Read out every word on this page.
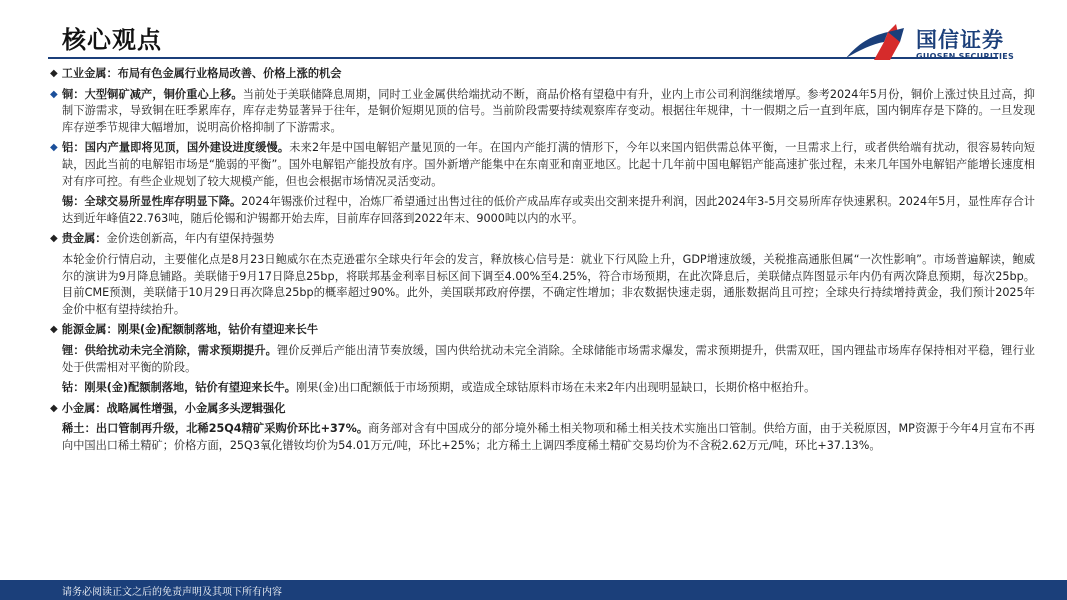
核心观点	国信证券
GUOSEN SECURITIES
◆ 工业金属：布局有色金属行业格局改善、价格上涨的机会
◆ 铜：大型铜矿减产，铜价重心上移。当前处于美联储降息周期，同时工业金属供给端扰动不断，商品价格有望稳中有升，业内上市公司利润继续增厚。参考2024年5月份，铜价上涨过快且过高，抑制下游需求，导致铜在旺季累库存，库存走势显著异于往年，是铜价短期见顶的信号。当前阶段需要持续观察库存变动。根据往年规律，十一假期之后一直到年底，国内铜库存是下降的。一旦发现库存逆季节规律大幅增加，说明高价格抑制了下游需求。
◆ 铝：国内产量即将见顶，国外建设进度缓慢。未来2年是中国电解铝产量见顶的一年。在国内产能打满的情形下，今年以来国内铝供需总体平衡，一旦需求上行，或者供给端有扰动，很容易转向短缺，因此当前的电解铝市场是“脆弱的平衡”。国外电解铝产能投放有序。国外新增产能集中在东南亚和南亚地区。比起十几年前中国电解铝产能高速扩张过程，未来几年国外电解铝产能增长速度相对有序可控。有些企业规划了较大规模产能，但也会根据市场情况灵活变动。
锡：全球交易所显性库存明显下降。2024年锡涨价过程中，冶炼厂希望通过出售过往的低价产成品库存或卖出交割来提升利润，因此2024年3-5月交易所库存快速累积。2024年5月，显性库存合计达到近年峰值22.763吨，随后伦锡和沪锡都开始去库，目前库存回落到2022年末、9000吨以内的水平。
◆ 贵金属： 金价迭创新高，年内有望保持强势
本轮金价行情启动，主要催化点是8月23日鲍威尔在杰克逊霍尔全球央行年会的发言，释放核心信号是：就业下行风险上升，GDP增速放缓，关税推高通胀但属“一次性影响”。市场普遍解读，鲍威尔的演讲为9月降息铺路。美联储于9月17日降息25bp，将联邦基金利率目标区间下调至4.00%至4.25%，符合市场预期，在此次降息后，美联储点阵图显示年内仍有两次降息预期，每次25bp。目前CME预测，美联储于10月29日再次降息25bp的概率超过90%。此外，美国联邦政府停摆，不确定性增加；非农数据快速走弱，通胀数据尚且可控；全球央行持续增持黄金，我们预计2025年金价中枢有望持续抬升。
◆ 能源金属：刚果(金)配额制落地，钴价有望迎来长牛
锂：供给扰动未完全消除，需求预期提升。锂价反弹后产能出清节奏放缓，国内供给扰动未完全消除。全球储能市场需求爆发，需求预期提升，供需双旺，国内锂盐市场库存保持相对平稳，锂行业处于供需相对平衡的阶段。
钴：刚果(金)配额制落地，钴价有望迎来长牛。刚果(金)出口配额低于市场预期，或造成全球钴原料市场在未来2年内出现明显缺口，长期价格中枢抬升。
◆ 小金属：战略属性增强，小金属多头逻辑强化
稀土：出口管制再升级，北稀25Q4精矿采购价环比+37%。商务部对含有中国成分的部分境外稀土相关物项和稀土相关技术实施出口管制。供给方面，由于关税原因，MP资源于今年4月宣布不再向中国出口稀土精矿；价格方面，25Q3氧化镨钕均价为54.01万元/吨，环比+25%；北方稀土上调四季度稀土精矿交易均价为不含税2.62万元/吨，环比+37.13%。
请务必阅读正文之后的免责声明及其项下所有内容
